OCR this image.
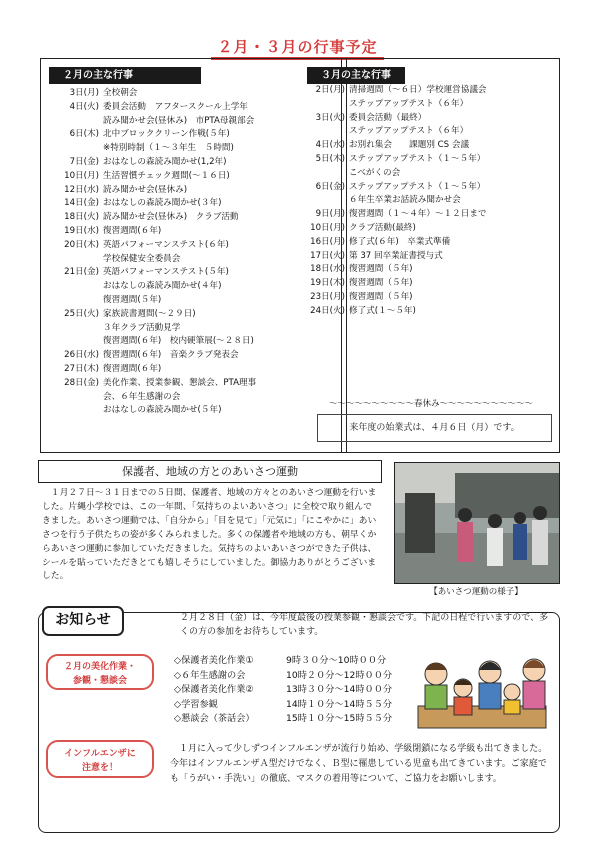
２月・３月の行事予定
２月の主な行事
3日(月) 全校朝会
4日(火) 委員会活動　アフタースクール上学年
読み聞かせ会(昼休み)　市PTA母親部会
6日(木) 北中ブロッククリーン作戦(５年)
※特別時制（１～３年生　５時間)
7日(金) おはなしの森読み聞かせ(1,2年)
10日(月) 生活習慣チェック週間(～１６日)
12日(水) 読み聞かせ会(昼休み)
14日(金) おはなしの森読み聞かせ(３年)
18日(火) 読み聞かせ会(昼休み)　クラブ活動
19日(水) 復習週間(６年)
20日(木) 英語パフォーマンステスト(６年)
学校保健安全委員会
21日(金) 英語パフォーマンステスト(５年)
おはなしの森読み聞かせ(４年)
復習週間(５年)
25日(火) 家族読書週間(～２９日)
３年クラブ活動見学
復習週間(６年)　校内硬筆展(～２８日)
26日(水) 復習週間(６年)　音楽クラブ発表会
27日(木) 復習週間(６年)
28日(金) 美化作業、授業参観、懇談会、PTA理事
会、６年生感謝の会
おはなしの森読み聞かせ(５年)
３月の主な行事
2日(月) 清掃週間（～６日）学校運営協議会
ステップアップテスト（６年）
3日(火) 委員会活動（最終）
ステップアップテスト（６年）
4日(水) お別れ集会　　課題別 CS 会議
5日(木) ステップアップテスト（１～５年）
こべがくの会
6日(金) ステップアップテスト（１～５年）
６年生卒業お話読み聞かせ会
9日(月) 復習週間（１～４年）～１２日まで
10日(月) クラブ活動(最終)
16日(月) 修了式(６年)　卒業式準備
17日(火) 第 37 回卒業証書授与式
18日(水) 復習週間（５年)
19日(木) 復習週間（５年)
23日(月) 復習週間（５年)
24日(火) 修了式(１～５年)
～～～～～～～～～～春休み～～～～～～～～～～～
来年度の始業式は、４月６日（月）です。
保護者、地域の方とのあいさつ運動
　１月２７日～３１日までの５日間、保護者、地域の方々とのあいさつ運動を行いました。片縄小学校では、この一年間、「気持ちのよいあいさつ」に全校で取り組んできました。あいさつ運動では、「自分から」「目を見て」「元気に」「にこやかに」あいさつを行う子供たちの姿が多くみられました。多くの保護者や地域の方も、朝早くからあいさつ運動に参加していただきました。気持ちのよいあいさつができた子供は、シールを貼っていただきとても嬉しそうにしていました。御協力ありがとうございました。
【あいさつ運動の様子】
お知らせ	２月２８日（金）は、今年度最後の授業参観・懇談会です。下記の日程で行いますので、多くの方の参加をお待ちしています。
２月の美化作業・
参観・懇談会
◇保護者美化作業①	9時３０分～10時００分
◇６年生感謝の会	10時２０分～12時００分
◇保護者美化作業②	13時３０分～14時００分
◇学習参観	14時１０分～14時５５分
◇懇談会（茶話会）	15時１０分～15時５５分
インフルエンザに
注意を！
　１月に入って少しずつインフルエンザが流行り始め、学級閉鎖になる学級も出てきました。今年はインフルエンザＡ型だけでなく、Ｂ型に罹患している児童も出てきています。ご家庭でも「うがい・手洗い」の徹底、マスクの着用等について、ご協力をお願いします。
